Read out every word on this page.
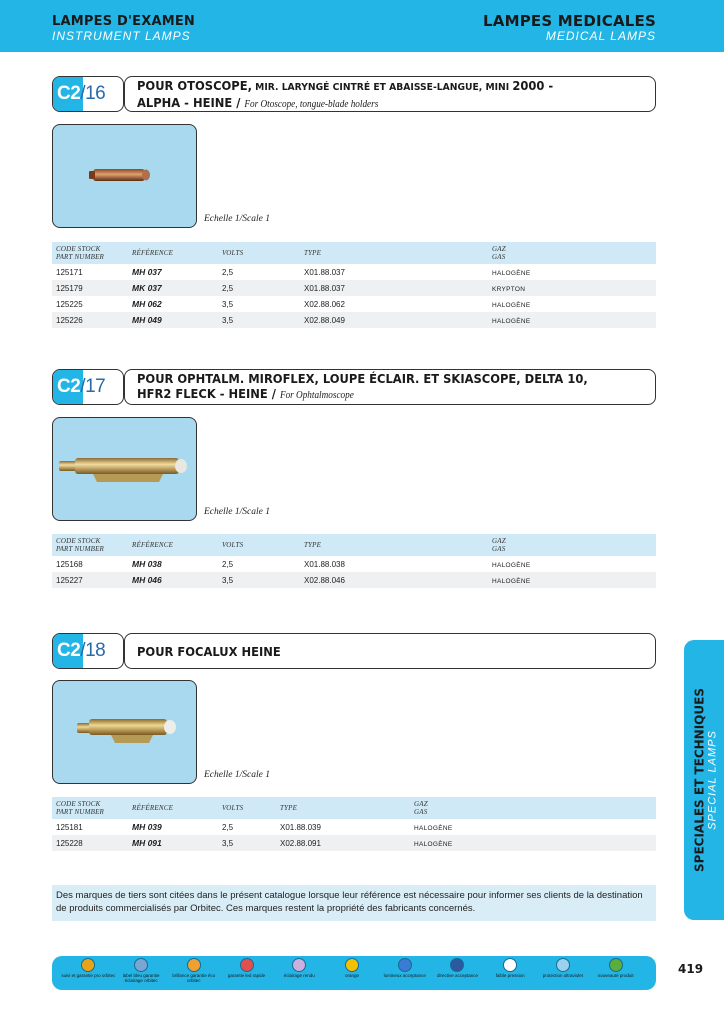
LAMPES D'EXAMEN
INSTRUMENT LAMPS
LAMPES MEDICALES
MEDICAL LAMPS
C2/16	POUR OTOSCOPE, MIR. LARYNGÉ CINTRÉ ET ABAISSE-LANGUE, MINI 2000 -
ALPHA - HEINE / For Otoscope, tongue-blade holders
Echelle 1/Scale 1
CODE STOCK
PART NUMBER	RÉFÉRENCE	VOLTS	TYPE	GAZ
GAS
125171	MH 037	2,5	X01.88.037	HALOGÈNE
125179	MK 037	2,5	X01.88.037	KRYPTON
125225	MH 062	3,5	X02.88.062	HALOGÈNE
125226	MH 049	3,5	X02.88.049	HALOGÈNE
C2/17	POUR OPHTALM. MIROFLEX, LOUPE ÉCLAIR. ET SKIASCOPE, DELTA 10,
HFR2 FLECK - HEINE / For Ophtalmoscope
Echelle 1/Scale 1
CODE STOCK
PART NUMBER	RÉFÉRENCE	VOLTS	TYPE	GAZ
GAS
125168	MH 038	2,5	X01.88.038	HALOGÈNE
125227	MH 046	3,5	X02.88.046	HALOGÈNE
C2/18	POUR FOCALUX HEINE
Echelle 1/Scale 1
CODE STOCK
PART NUMBER	RÉFÉRENCE	VOLTS	TYPE	GAZ
GAS
125181	MH 039	2,5	X01.88.039	HALOGÈNE
125228	MH 091	3,5	X02.88.091	HALOGÈNE	SPECIALES ET TECHNIQUES SPECIAL LAMPS
Des marques de tiers sont citées dans le présent catalogue lorsque leur référence est nécessaire pour informer ses clients de la destination de produits commercialisés par Orbitec. Ces marques restent la propriété des fabricants concernés.
suivi et garantie pro orbitec	label bleu garantie éclairage orbitec
brillance garantie éco orbitec
garantie led rapide	éclairage rendu	orange	lumineux acceptance	directive acceptance	faible pression	protection ultraviolet	nouveauté produit	419
